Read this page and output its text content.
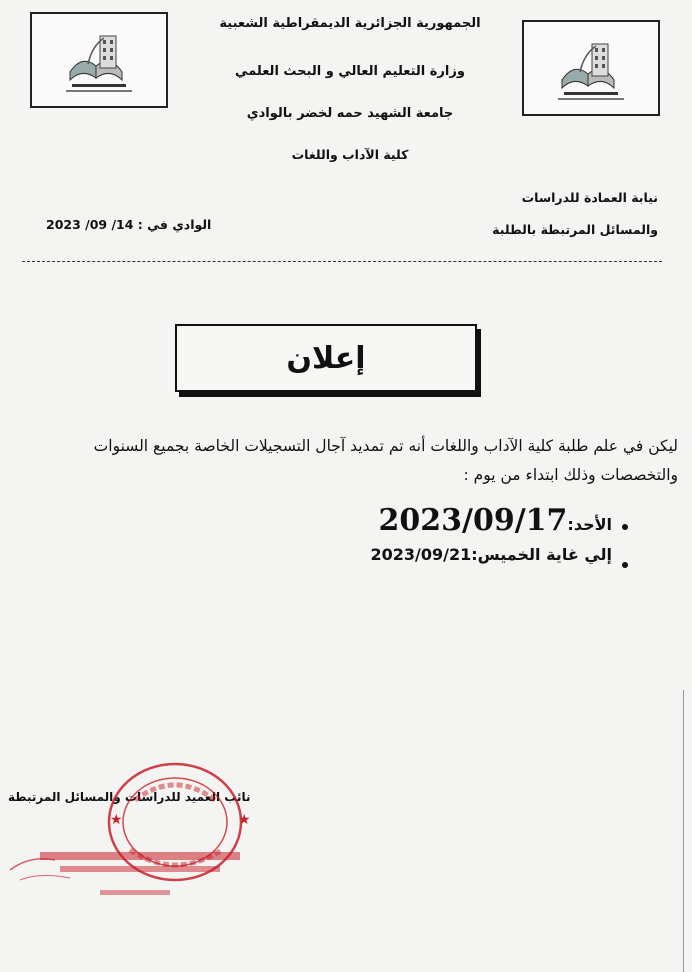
الجمهورية الجزائرية الديمقراطية الشعبية
وزارة التعليم العالي و البحث العلمي
جامعة الشهيد حمه لخضر بالوادي
كلية الآداب واللغات
نيابة العمادة للدراسات
والمسائل المرتبطة بالطلبة
الوادي في : 14/ 09/ 2023
إعلان
ليكن في علم طلبة كلية الآداب واللغات أنه تم تمديد آجال التسجيلات الخاصة بجميع السنوات والتخصصات وذلك ابتداء من يوم :
الأحد:2023/09/17
إلي غاية الخميس:2023/09/21
نائب العميد للدراسات والمسائل المرتبطة
★
★
